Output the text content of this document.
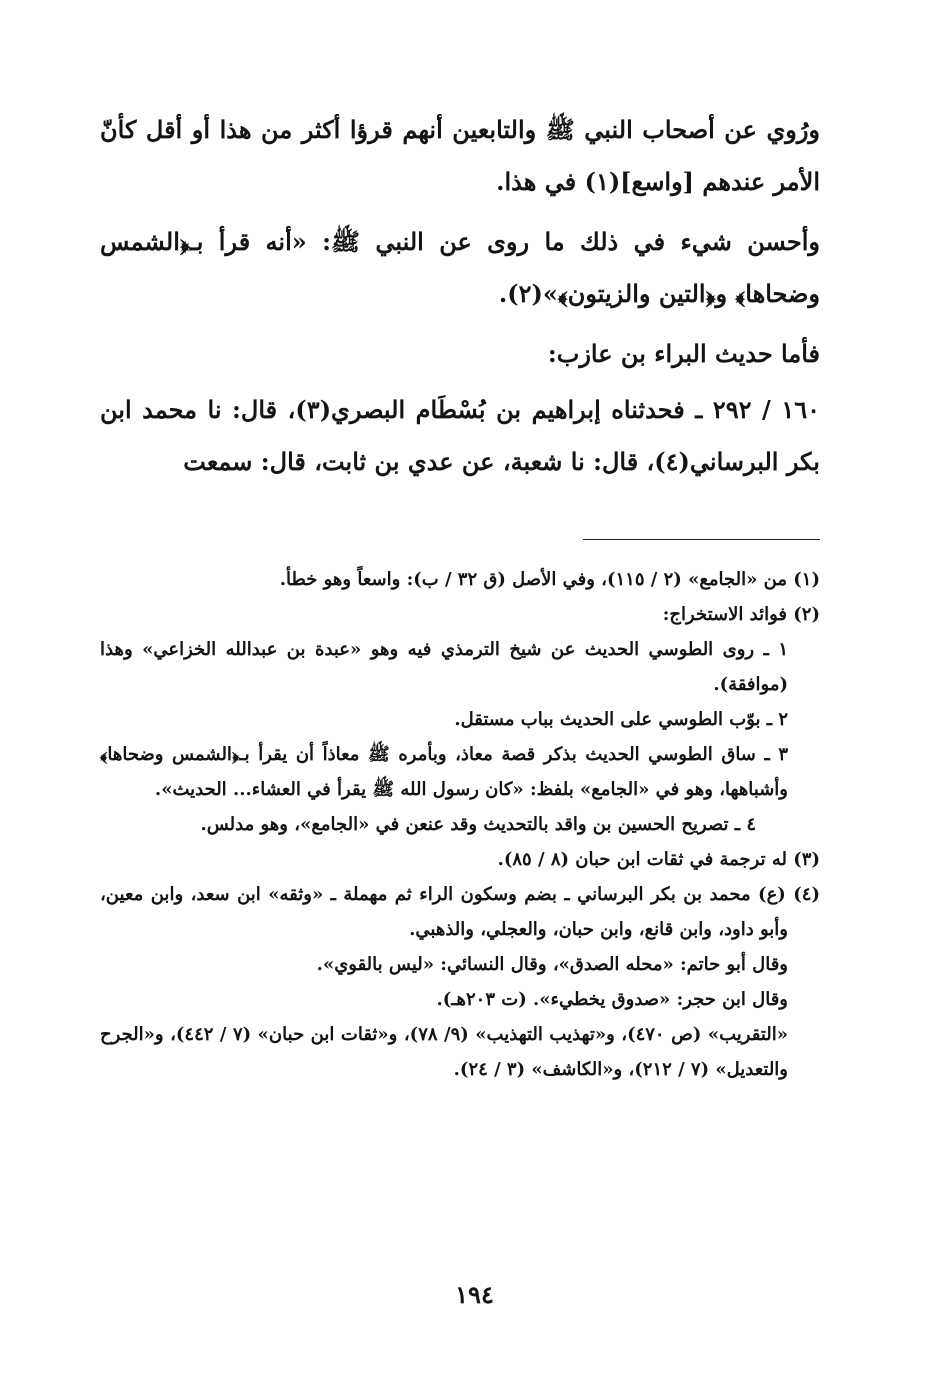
ورُوي عن أصحاب النبي ﷺ والتابعين أنهم قرؤا أكثر من هذا أو أقل كأنّ الأمر عندهم [واسع](١) في هذا.

وأحسن شيء في ذلك ما روى عن النبي ﷺ: «أنه قرأ بـ﴿الشمس وضحاها﴾ و﴿التين والزيتون﴾»(٢).

فأما حديث البراء بن عازب:

١٦٠ / ٢٩٢ ـ فحدثناه إبراهيم بن بُسْطَام البصري(٣)، قال: نا محمد ابن بكر البرساني(٤)، قال: نا شعبة، عن عدي بن ثابت، قال: سمعت

(١) من «الجامع» (٢ / ١١٥)، وفي الأصل (ق ٣٢ / ب): واسعاً وهو خطأ.

(٢) فوائد الاستخراج:

١ ـ روى الطوسي الحديث عن شيخ الترمذي فيه وهو «عبدة بن عبدالله الخزاعي» وهذا (موافقة).

٢ ـ بوّب الطوسي على الحديث بباب مستقل.

٣ ـ ساق الطوسي الحديث بذكر قصة معاذ، وبأمره ﷺ معاذاً أن يقرأ بـ﴿الشمس وضحاها﴾ وأشباهها، وهو في «الجامع» بلفظ: «كان رسول الله ﷺ يقرأ في العشاء... الحديث».

٤ ـ تصريح الحسين بن واقد بالتحديث وقد عنعن في «الجامع»، وهو مدلس.

(٣) له ترجمة في ثقات ابن حبان (٨ / ٨٥).

(٤) (ع) محمد بن بكر البرساني ـ بضم وسكون الراء ثم مهملة ـ «وثقه» ابن سعد، وابن معين، وأبو داود، وابن قانع، وابن حبان، والعجلي، والذهبي.

وقال أبو حاتم: «محله الصدق»، وقال النسائي: «ليس بالقوي».

وقال ابن حجر: «صدوق يخطيء». (ت ٢٠٣هـ).

«التقريب» (ص ٤٧٠)، و«تهذيب التهذيب» (٩/ ٧٨)، و«ثقات ابن حبان» (٧ / ٤٤٢)، و«الجرح والتعديل» (٧ / ٢١٢)، و«الكاشف» (٣ / ٢٤).

١٩٤
